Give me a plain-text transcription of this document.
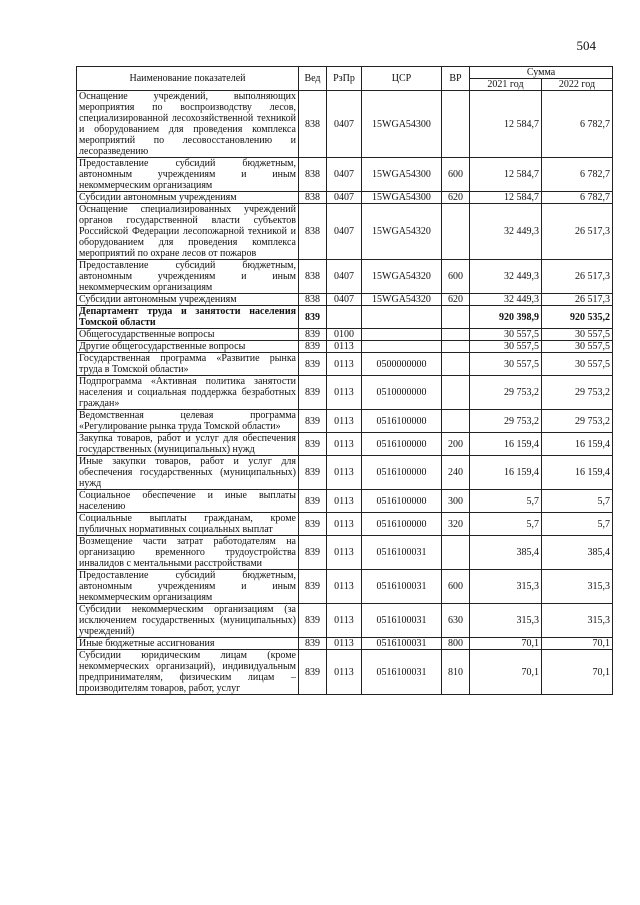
504
Наименование показателей	Вед	РзПр	ЦСР	ВР	Сумма	
					2021 год	2022 год
Оснащение учреждений, выполняющих мероприятия по воспроизводству лесов, специализированной лесохозяйственной техникой и оборудованием для проведения комплекса мероприятий по лесовосстановлению и лесоразведению	838	0407	15WGA54300		12 584,7	6 782,7
Предоставление субсидий бюджетным, автономным учреждениям и иным некоммерческим организациям	838	0407	15WGA54300	600	12 584,7	6 782,7
Субсидии автономным учреждениям	838	0407	15WGA54300	620	12 584,7	6 782,7
Оснащение специализированных учреждений органов государственной власти субъектов Российской Федерации лесопожарной техникой и оборудованием для проведения комплекса мероприятий по охране лесов от пожаров	838	0407	15WGA54320		32 449,3	26 517,3
Предоставление субсидий бюджетным, автономным учреждениям и иным некоммерческим организациям	838	0407	15WGA54320	600	32 449,3	26 517,3
Субсидии автономным учреждениям	838	0407	15WGA54320	620	32 449,3	26 517,3
Департамент труда и занятости населения Томской области	839				920 398,9	920 535,2
Общегосударственные вопросы	839	0100			30 557,5	30 557,5
Другие общегосударственные вопросы	839	0113			30 557,5	30 557,5
Государственная программа «Развитие рынка труда в Томской области»	839	0113	0500000000		30 557,5	30 557,5
Подпрограмма «Активная политика занятости населения и социальная поддержка безработных граждан»	839	0113	0510000000		29 753,2	29 753,2
Ведомственная целевая программа «Регулирование рынка труда Томской области»	839	0113	0516100000		29 753,2	29 753,2
Закупка товаров, работ и услуг для обеспечения государственных (муниципальных) нужд	839	0113	0516100000	200	16 159,4	16 159,4
Иные закупки товаров, работ и услуг для обеспечения государственных (муниципальных) нужд	839	0113	0516100000	240	16 159,4	16 159,4
Социальное обеспечение и иные выплаты населению	839	0113	0516100000	300	5,7	5,7
Социальные выплаты гражданам, кроме публичных нормативных социальных выплат	839	0113	0516100000	320	5,7	5,7
Возмещение части затрат работодателям на организацию временного трудоустройства инвалидов с ментальными расстройствами	839	0113	0516100031		385,4	385,4
Предоставление субсидий бюджетным, автономным учреждениям и иным некоммерческим организациям	839	0113	0516100031	600	315,3	315,3
Субсидии некоммерческим организациям (за исключением государственных (муниципальных) учреждений)	839	0113	0516100031	630	315,3	315,3
Иные бюджетные ассигнования	839	0113	0516100031	800	70,1	70,1
Субсидии юридическим лицам (кроме некоммерческих организаций), индивидуальным предпринимателям, физическим лицам – производителям товаров, работ, услуг	839	0113	0516100031	810	70,1	70,1
